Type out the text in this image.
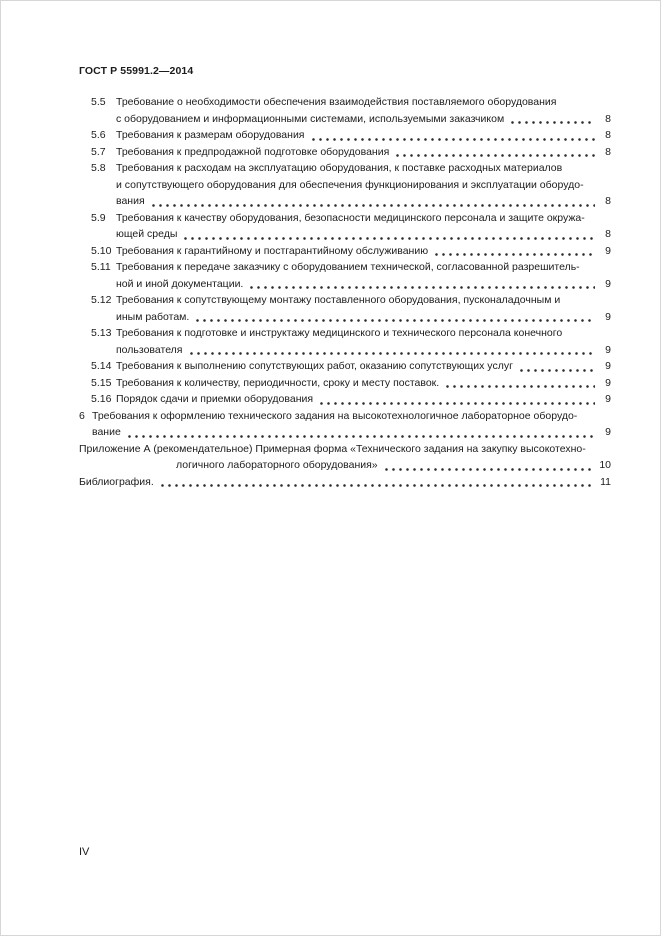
ГОСТ Р 55991.2—2014
5.5 Требование о необходимости обеспечения взаимодействия поставляемого оборудования
с оборудованием и информационными системами, используемыми заказчиком	8
5.6 Требования к размерам оборудования	8
5.7 Требования к предпродажной подготовке оборудования	8
5.8 Требования к расходам на эксплуатацию оборудования, к поставке расходных материалов
и сопутствующего оборудования для обеспечения функционирования и эксплуатации оборудо-
вания	8
5.9 Требования к качеству оборудования, безопасности медицинского персонала и защите окружа-
ющей среды	8
5.10 Требования к гарантийному и постгарантийному обслуживанию	9
5.11 Требования к передаче заказчику с оборудованием технической, согласованной разрешитель-
ной и иной документации.	9
5.12 Требования к сопутствующему монтажу поставленного оборудования, пусконаладочным и
иным работам.	9
5.13 Требования к подготовке и инструктажу медицинского и технического персонала конечного
пользователя	9
5.14 Требования к выполнению сопутствующих работ, оказанию сопутствующих услуг	9
5.15 Требования к количеству, периодичности, сроку и месту поставок.	9
5.16 Порядок сдачи и приемки оборудования	9
6 Требования к оформлению технического задания на высокотехнологичное лабораторное оборудо-
вание	9
Приложение А (рекомендательное) Примерная форма «Технического задания на закупку высокотехно-
логичного лабораторного оборудования»	10
Библиография.	11
IV
